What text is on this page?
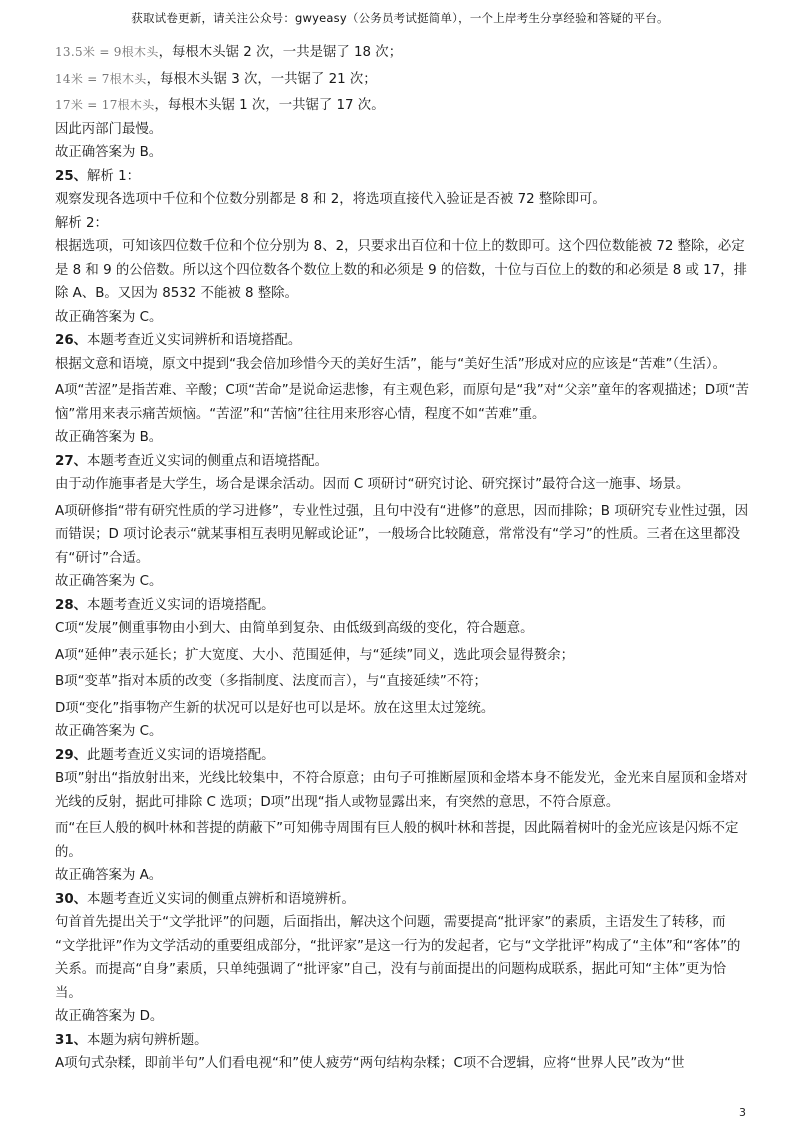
获取试卷更新，请关注公众号：gwyeasy（公务员考试挺简单），一个上岸考生分享经验和答疑的平台。

13.5米 = 9根木头，每根木头锯 2 次，一共是锯了 18 次；

14米 = 7根木头，每根木头锯 3 次，一共锯了 21 次；

17米 = 17根木头，每根木头锯 1 次，一共锯了 17 次。

因此丙部门最慢。

故正确答案为 B。

25、解析 1：

观察发现各选项中千位和个位数分别都是 8 和 2，将选项直接代入验证是否被 72 整除即可。

解析 2：

根据选项，可知该四位数千位和个位分别为 8、2，只要求出百位和十位上的数即可。这个四位数能被 72 整除，必定是 8 和 9 的公倍数。所以这个四位数各个数位上数的和必须是 9 的倍数，十位与百位上的数的和必须是 8 或 17，排除 A、B。又因为 8532 不能被 8 整除。

故正确答案为 C。

26、本题考查近义实词辨析和语境搭配。

根据文意和语境，原文中提到“我会倍加珍惜今天的美好生活”，能与“美好生活”形成对应的应该是“苦难”（生活）。

A项“苦涩”是指苦难、辛酸；C项“苦命”是说命运悲惨，有主观色彩，而原句是“我”对“父亲”童年的客观描述；D项“苦恼”常用来表示痛苦烦恼。“苦涩”和“苦恼”往往用来形容心情，程度不如“苦难”重。

故正确答案为 B。

27、本题考查近义实词的侧重点和语境搭配。

由于动作施事者是大学生，场合是课余活动。因而 C 项研讨“研究讨论、研究探讨”最符合这一施事、场景。

A项研修指“带有研究性质的学习进修”，专业性过强，且句中没有“进修”的意思，因而排除；B 项研究专业性过强，因而错误；D 项讨论表示“就某事相互表明见解或论证”，一般场合比较随意，常常没有“学习”的性质。三者在这里都没有“研讨”合适。

故正确答案为 C。

28、本题考查近义实词的语境搭配。

C项“发展”侧重事物由小到大、由简单到复杂、由低级到高级的变化，符合题意。

A项“延伸”表示延长；扩大宽度、大小、范围延伸，与“延续”同义，选此项会显得赘余；

B项“变革”指对本质的改变（多指制度、法度而言），与“直接延续”不符；

D项“变化”指事物产生新的状况可以是好也可以是坏。放在这里太过笼统。

故正确答案为 C。

29、此题考查近义实词的语境搭配。

B项”射出“指放射出来，光线比较集中，不符合原意；由句子可推断屋顶和金塔本身不能发光，金光来自屋顶和金塔对光线的反射，据此可排除 C 选项；D项”出现“指人或物显露出来，有突然的意思，不符合原意。

而“在巨人般的枫叶林和菩提的荫蔽下”可知佛寺周围有巨人般的枫叶林和菩提，因此隔着树叶的金光应该是闪烁不定的。

故正确答案为 A。

30、本题考查近义实词的侧重点辨析和语境辨析。

句首首先提出关于“文学批评”的问题，后面指出，解决这个问题，需要提高“批评家”的素质，主语发生了转移，而 “文学批评”作为文学活动的重要组成部分，“批评家”是这一行为的发起者，它与“文学批评”构成了“主体”和“客体”的关系。而提高“自身”素质，只单纯强调了“批评家”自己，没有与前面提出的问题构成联系，据此可知“主体”更为恰当。

故正确答案为 D。

31、本题为病句辨析题。

A项句式杂糅，即前半句”人们看电视“和”使人疲劳“两句结构杂糅；C项不合逻辑，应将“世界人民”改为“世

3
